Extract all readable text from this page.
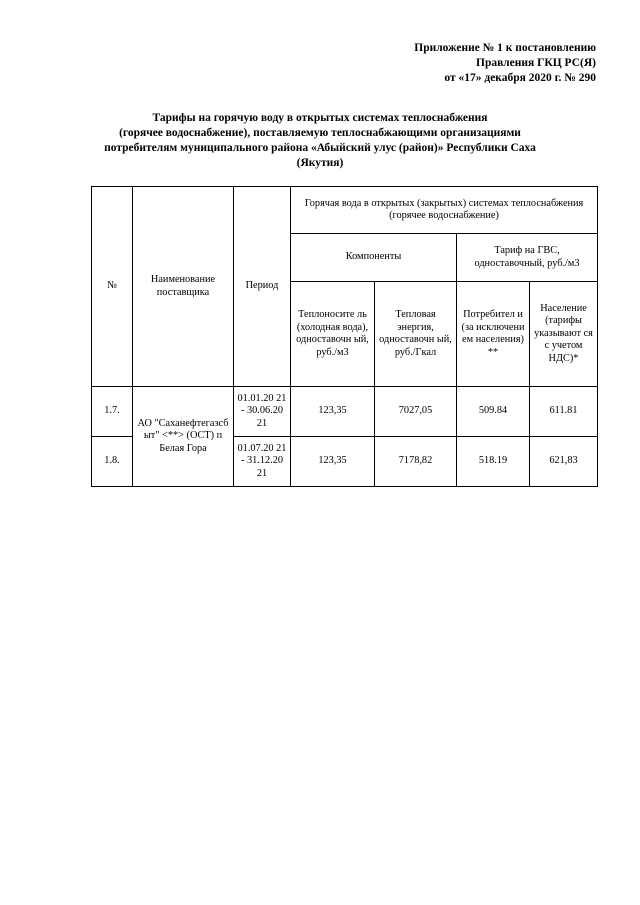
Приложение № 1 к постановлению
Правления ГКЦ РС(Я)
от «17» декабря 2020 г. № 290
Тарифы на горячую воду в открытых системах теплоснабжения
(горячее водоснабжение), поставляемую теплоснабжающими организациями
потребителям муниципального района «Абыйский улус (район)» Республики Саха
(Якутия)
№	Наименование поставщика	Период	Горячая вода в открытых (закрытых) системах теплоснабжения (горячее водоснабжение)			
			Компоненты		Тариф на ГВС, одноставочный, руб./м3	
			Теплоносите ль (холодная вода), одноставочн ый, руб./м3	Тепловая энергия, одноставочн ый, руб./Гкал	Потребител и (за исключени ем населения) **	Население (тарифы указывают ся с учетом НДС)*
1.7.	АО "Саханефтегазсб ыт" <**> (ОСТ) п Белая Гора	01.01.20 21 - 30.06.20 21	123,35	7027,05	509.84	611.81
1.8.		01.07.20 21 - 31.12.20 21	123,35	7178,82	518.19	621,83
